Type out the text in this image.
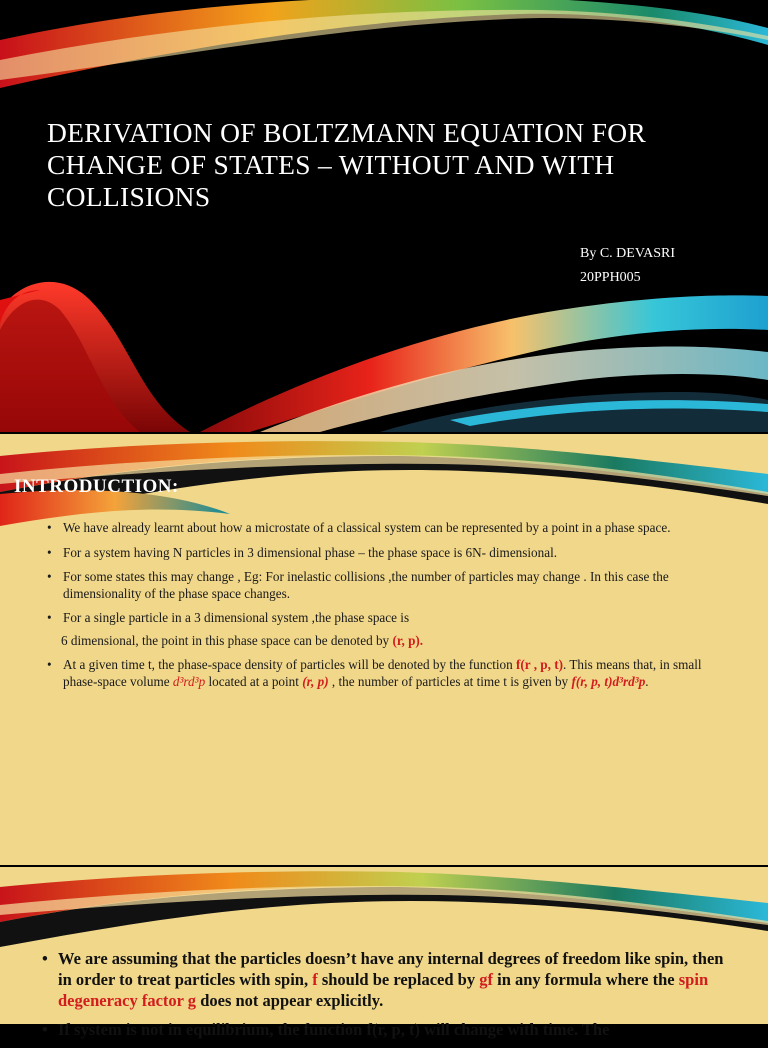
DERIVATION OF BOLTZMANN EQUATION FOR CHANGE OF STATES – WITHOUT AND WITH COLLISIONS
By C. DEVASRI
20PPH005
INTRODUCTION:
• We have already learnt about how a microstate of a classical system can be represented by a point in a phase space.
• For a system having N particles in 3 dimensional phase – the phase space is 6N- dimensional.
• For some states this may change , Eg: For inelastic collisions ,the number of particles may change . In this case the dimensionality of the phase space changes.
• For a single particle in a 3 dimensional system ,the phase space is
6 dimensional, the point in this phase space can be denoted by (r, p).
• At a given time t, the phase-space density of particles will be denoted by the function f(r , p, t). This means that, in small phase-space volume d³rd³p located at a point (r, p) , the number of particles at time t is given by f(r, p, t)d³rd³p.
• We are assuming that the particles doesn’t have any internal degrees of freedom like spin, then in order to treat particles with spin, f should be replaced by gf in any formula where the spin degeneracy factor g does not appear explicitly.
• If system is not in equilibrium, the function f(r, p, t) will change with time. The
